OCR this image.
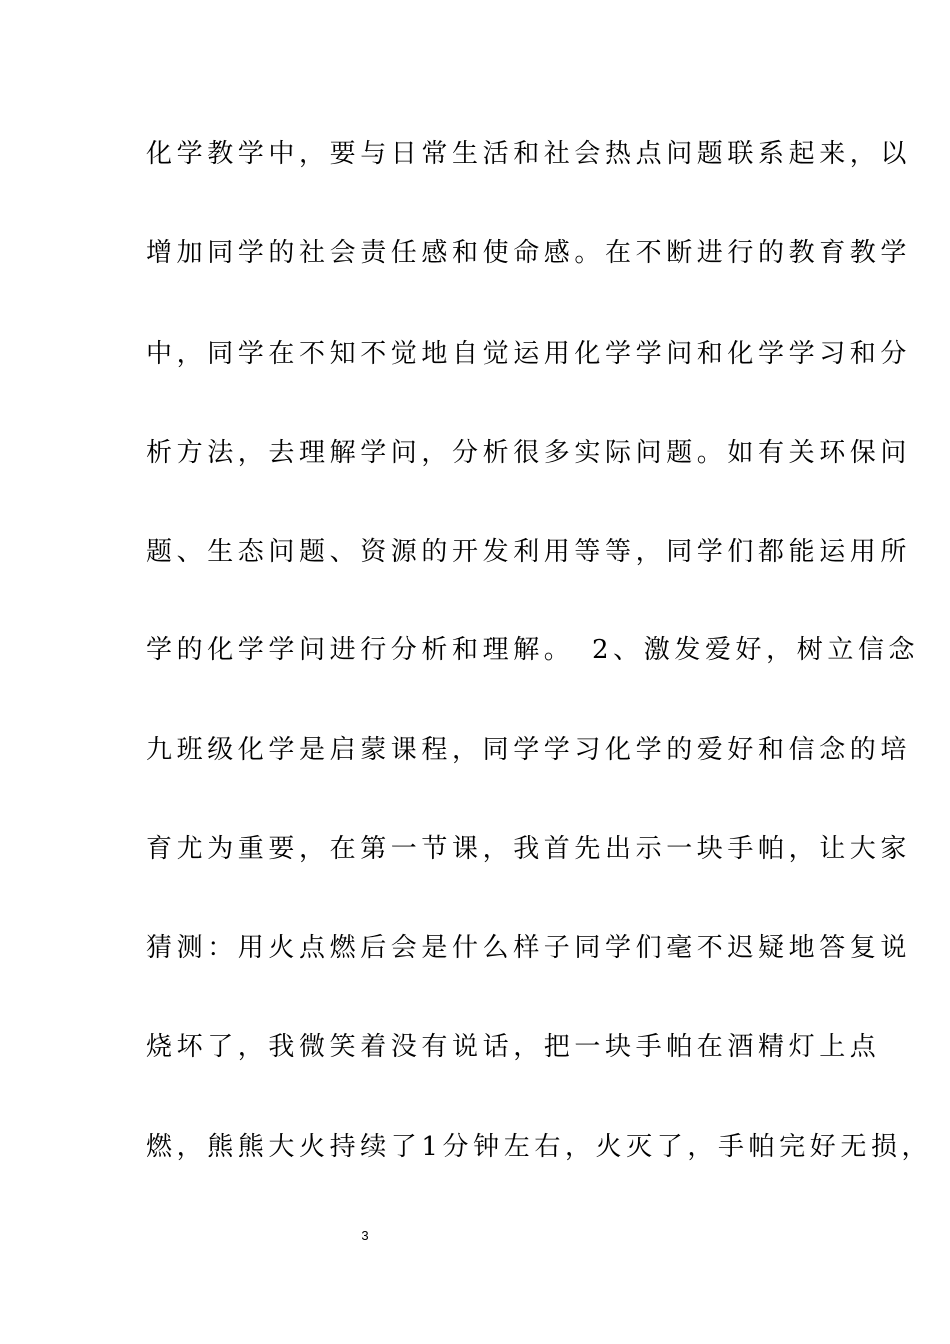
化学教学中，要与日常生活和社会热点问题联系起来，以
增加同学的社会责任感和使命感。在不断进行的教育教学
中，同学在不知不觉地自觉运用化学学问和化学学习和分
析方法，去理解学问，分析很多实际问题。如有关环保问
题、生态问题、资源的开发利用等等，同学们都能运用所
学的化学学问进行分析和理解。　2、激发爱好，树立信念
九班级化学是启蒙课程，同学学习化学的爱好和信念的培
育尤为重要，在第一节课，我首先出示一块手帕，让大家
猜测：用火点燃后会是什么样子同学们毫不迟疑地答复说
烧坏了，我微笑着没有说话，把一块手帕在酒精灯上点
燃，熊熊大火持续了1分钟左右，火灭了，手帕完好无损，
3
